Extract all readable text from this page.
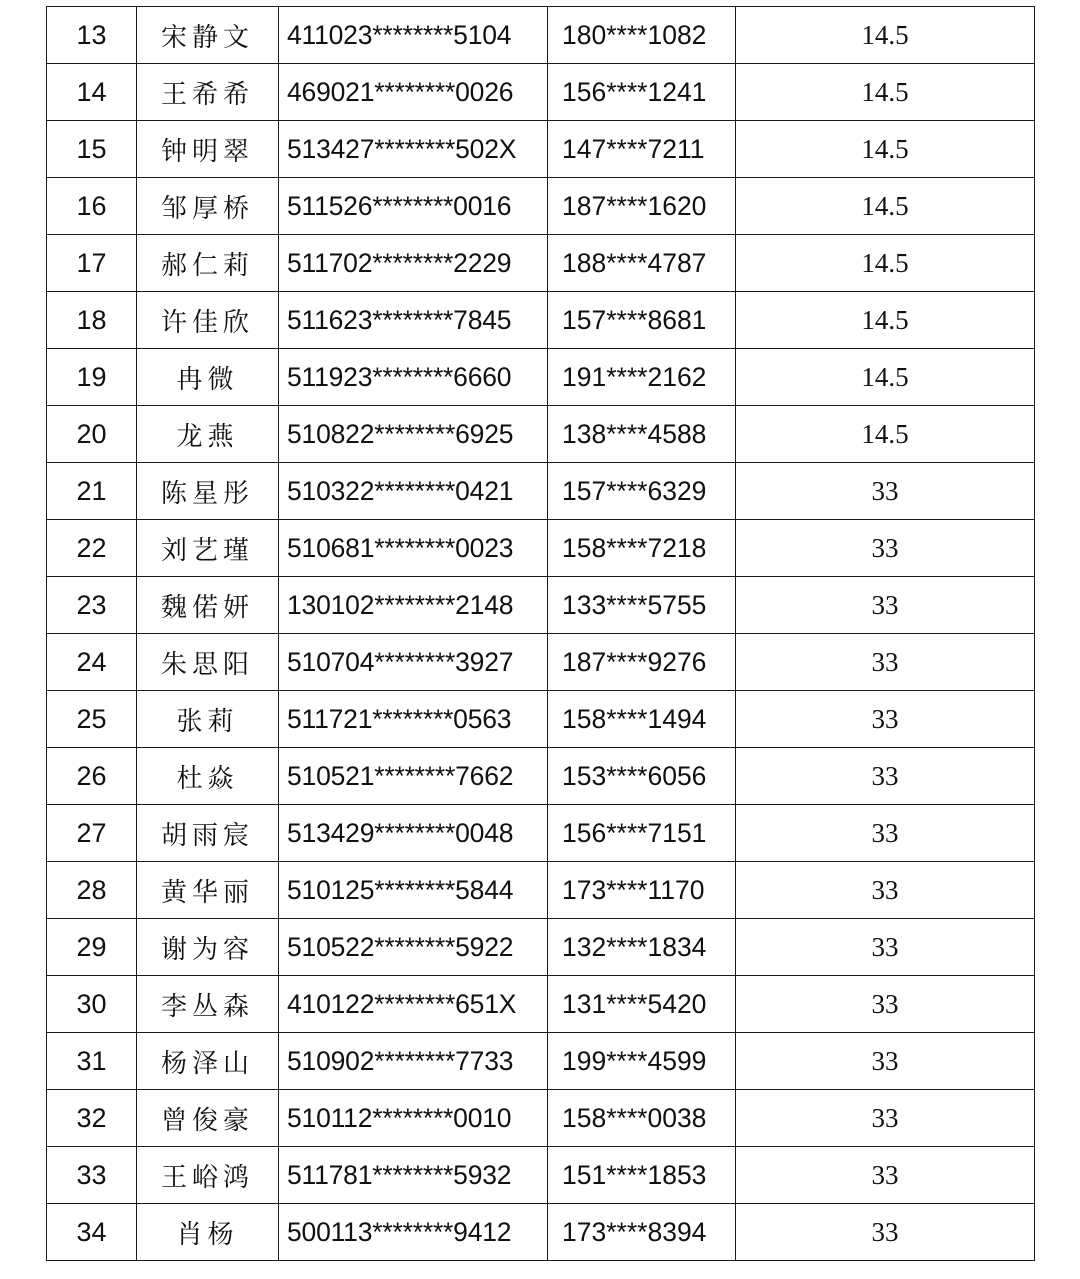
13	宋静文	411023********5104	180****1082	14.5
14	王希希	469021********0026	156****1241	14.5
15	钟明翠	513427********502X	147****7211	14.5
16	邹厚桥	511526********0016	187****1620	14.5
17	郝仁莉	511702********2229	188****4787	14.5
18	许佳欣	511623********7845	157****8681	14.5
19	冉微	511923********6660	191****2162	14.5
20	龙燕	510822********6925	138****4588	14.5
21	陈星彤	510322********0421	157****6329	33
22	刘艺瑾	510681********0023	158****7218	33
23	魏偌妍	130102********2148	133****5755	33
24	朱思阳	510704********3927	187****9276	33
25	张莉	511721********0563	158****1494	33
26	杜焱	510521********7662	153****6056	33
27	胡雨宸	513429********0048	156****7151	33
28	黄华丽	510125********5844	173****1170	33
29	谢为容	510522********5922	132****1834	33
30	李丛森	410122********651X	131****5420	33
31	杨泽山	510902********7733	199****4599	33
32	曾俊豪	510112********0010	158****0038	33
33	王峪鸿	511781********5932	151****1853	33
34	肖杨	500113********9412	173****8394	33
